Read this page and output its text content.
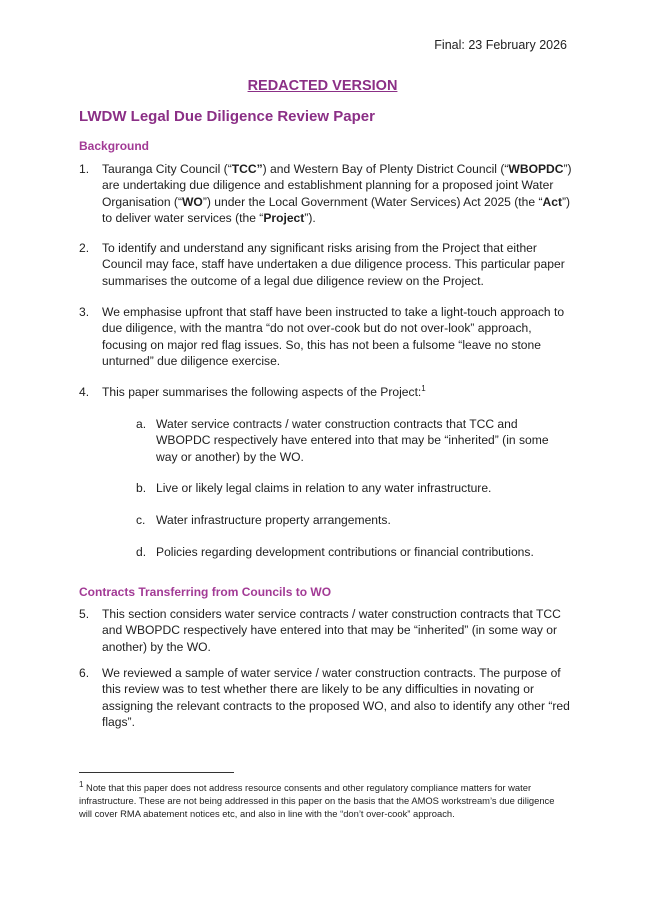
Final: 23 February 2026
REDACTED VERSION
LWDW Legal Due Diligence Review Paper
Background
1.	Tauranga City Council (“TCC”) and Western Bay of Plenty District Council (“WBOPDC”) are undertaking due diligence and establishment planning for a proposed joint Water Organisation (“WO”) under the Local Government (Water Services) Act 2025 (the “Act”) to deliver water services (the “Project”).
2.	To identify and understand any significant risks arising from the Project that either Council may face, staff have undertaken a due diligence process. This particular paper summarises the outcome of a legal due diligence review on the Project.
3.	We emphasise upfront that staff have been instructed to take a light-touch approach to due diligence, with the mantra “do not over-cook but do not over-look” approach, focusing on major red flag issues. So, this has not been a fulsome “leave no stone unturned” due diligence exercise.
4.	This paper summarises the following aspects of the Project:$^1$
a. Water service contracts / water construction contracts that TCC and WBOPDC respectively have entered into that may be “inherited” (in some way or another) by the WO.
b. Live or likely legal claims in relation to any water infrastructure.
c. Water infrastructure property arrangements.
d. Policies regarding development contributions or financial contributions.
Contracts Transferring from Councils to WO
5.	This section considers water service contracts / water construction contracts that TCC and WBOPDC respectively have entered into that may be “inherited” (in some way or another) by the WO.
6.	We reviewed a sample of water service / water construction contracts. The purpose of this review was to test whether there are likely to be any difficulties in novating or assigning the relevant contracts to the proposed WO, and also to identify any other “red flags”.
$^1$ Note that this paper does not address resource consents and other regulatory compliance matters for water infrastructure. These are not being addressed in this paper on the basis that the AMOS workstream’s due diligence will cover RMA abatement notices etc, and also in line with the “don’t over-cook” approach.
